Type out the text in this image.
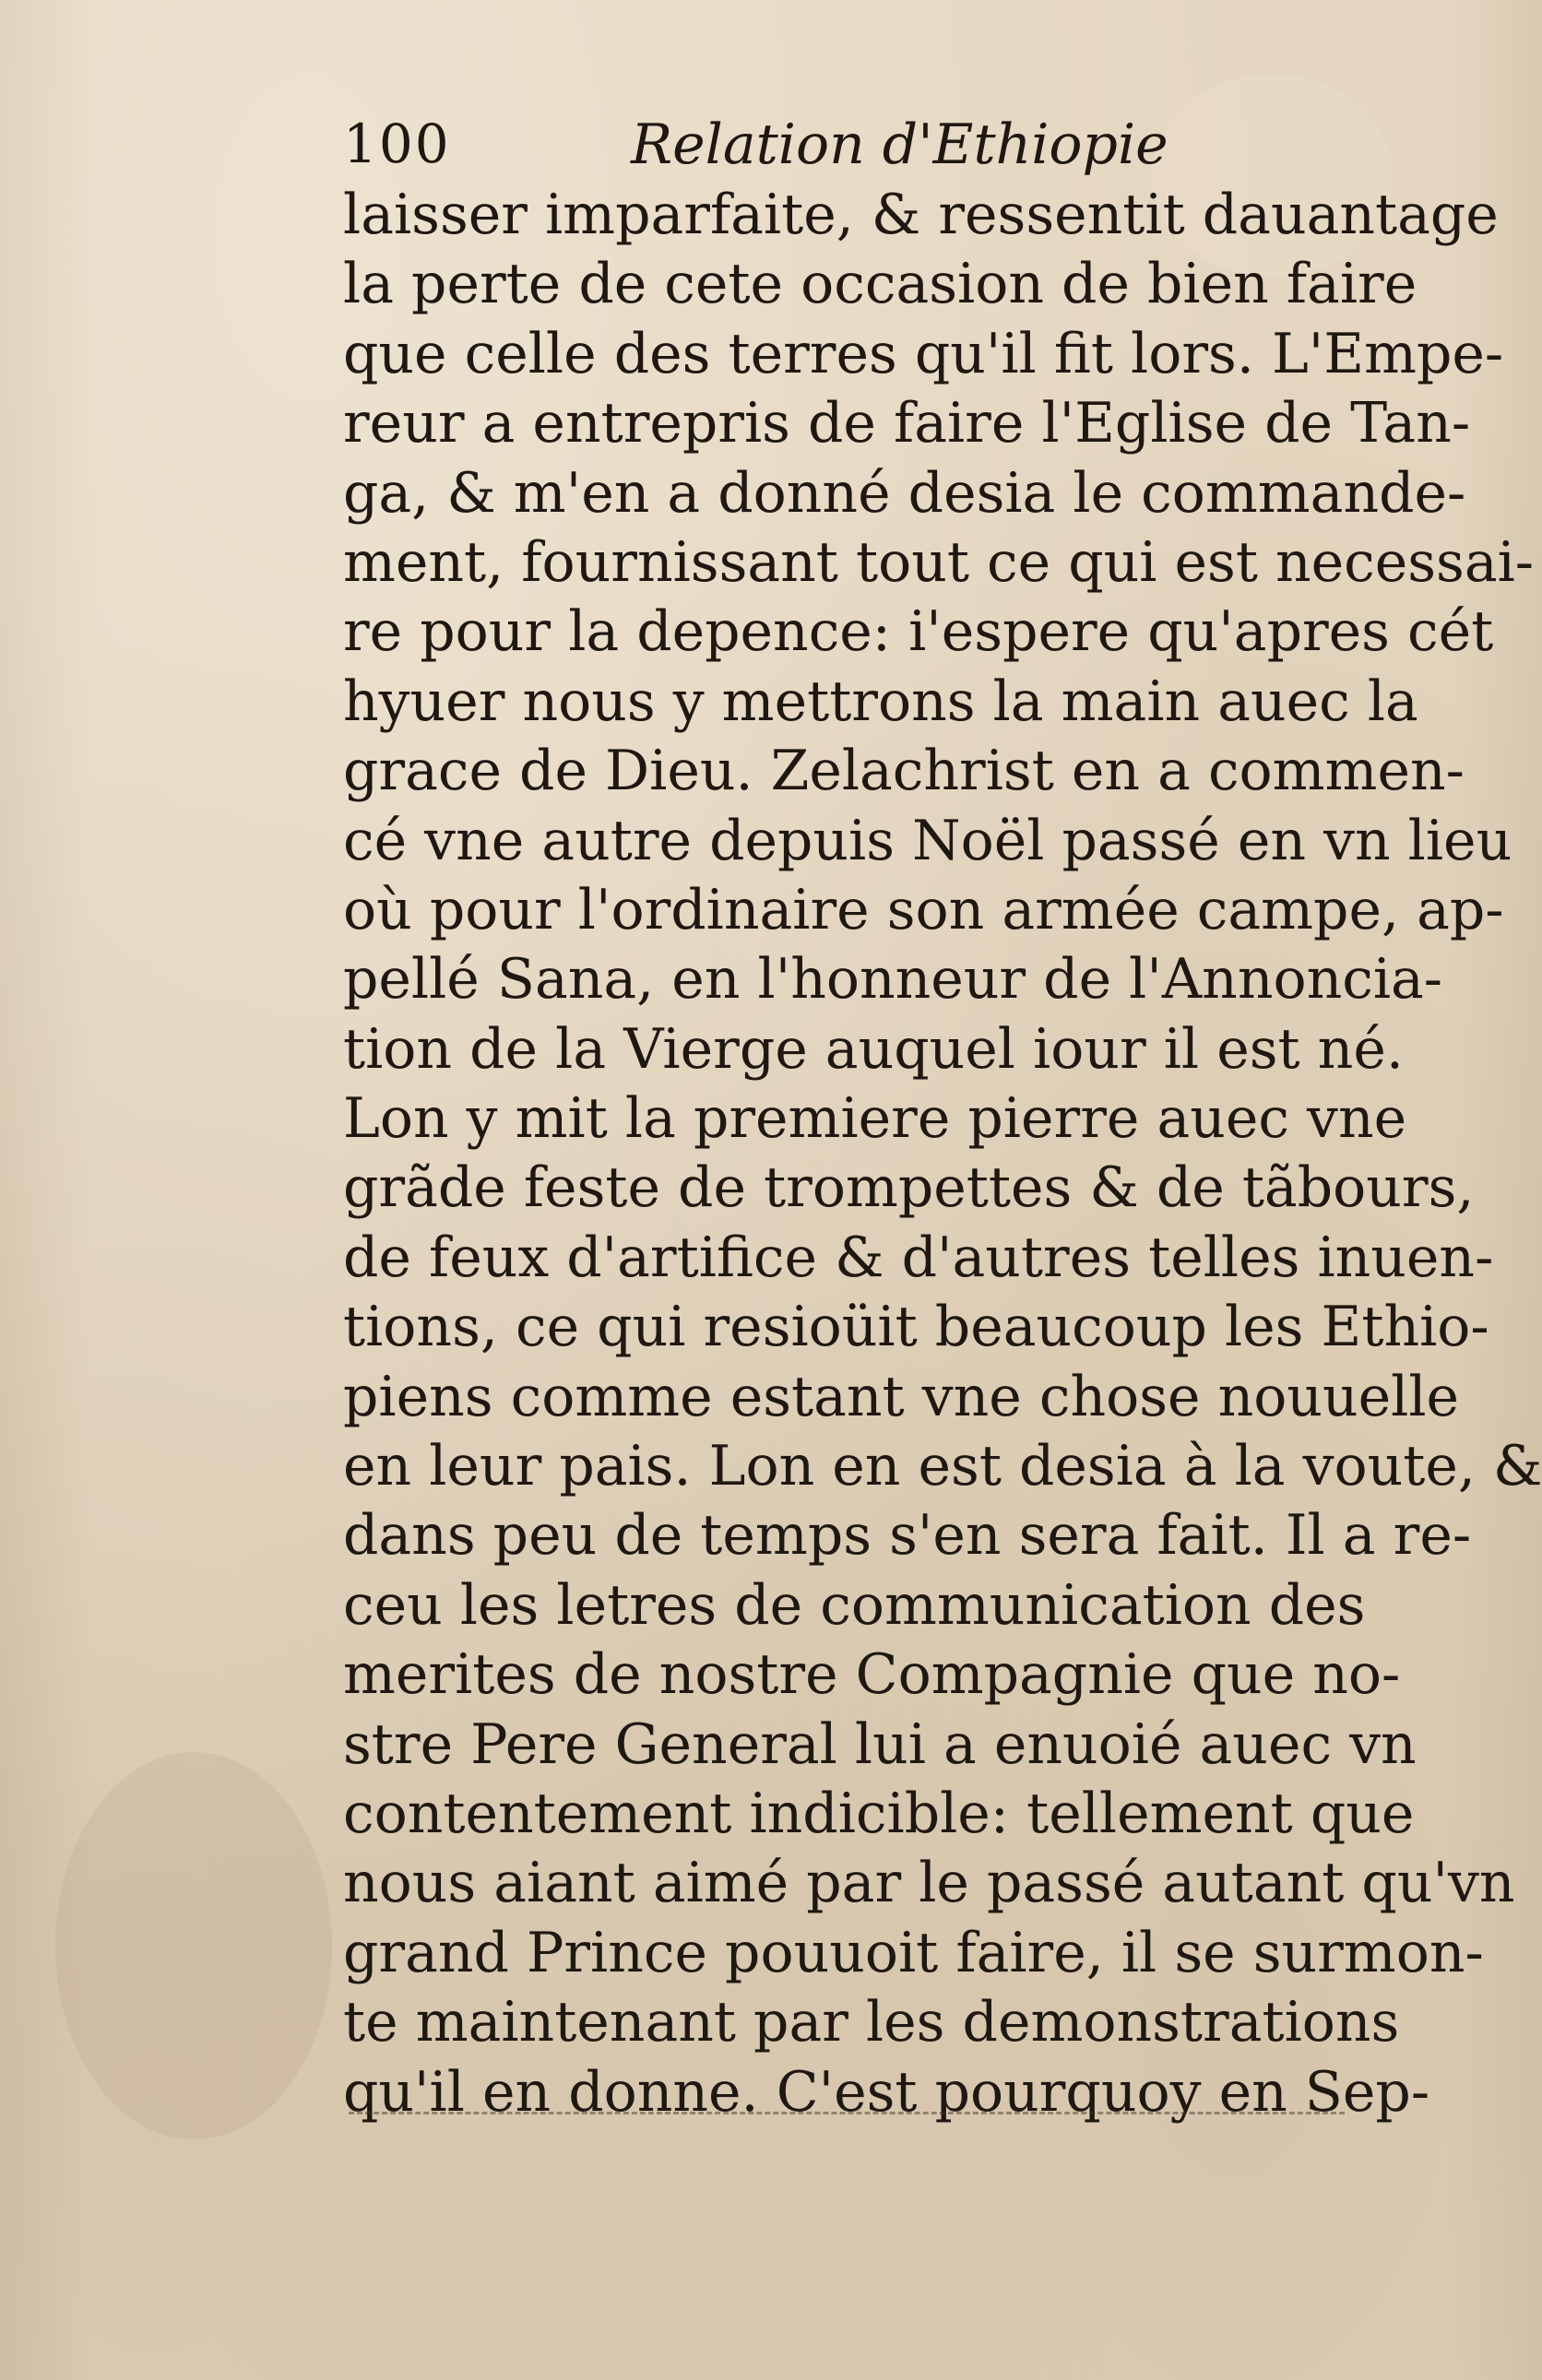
100	Relation d'Ethiopie
laisser imparfaite, & ressentit dauantage
la perte de cete occasion de bien faire
que celle des terres qu'il fit lors. L'Empe-
reur a entrepris de faire l'Eglise de Tan-
ga, & m'en a donné desia le commande-
ment, fournissant tout ce qui est necessai-
re pour la depence: i'espere qu'apres cét
hyuer nous y mettrons la main auec la
grace de Dieu. Zelachrist en a commen-
cé vne autre depuis Noël passé en vn lieu
où pour l'ordinaire son armée campe, ap-
pellé Sana, en l'honneur de l'Annoncia-
tion de la Vierge auquel iour il est né.
Lon y mit la premiere pierre auec vne
grãde feste de trompettes & de tãbours,
de feux d'artifice & d'autres telles inuen-
tions, ce qui resioüit beaucoup les Ethio-
piens comme estant vne chose nouuelle
en leur pais. Lon en est desia à la voute, &
dans peu de temps s'en sera fait. Il a re-
ceu les letres de communication des
merites de nostre Compagnie que no-
stre Pere General lui a enuoié auec vn
contentement indicible: tellement que
nous aiant aimé par le passé autant qu'vn
grand Prince pouuoit faire, il se surmon-
te maintenant par les demonstrations
qu'il en donne. C'est pourquoy en Sep-
